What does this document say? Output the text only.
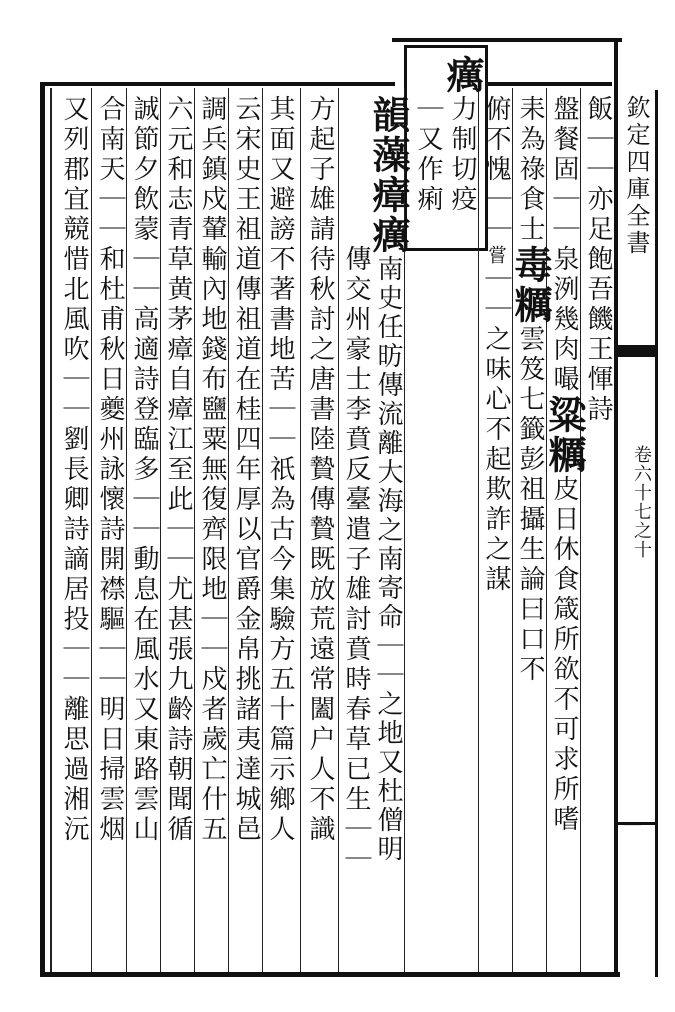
欽定四庫全書
卷六十七之十
一
飯｜｜亦足飽吾饑王惲詩
盤餐固｜｜泉洌幾肉嘬粱糲皮日休食箴所欲不可求所嗜
耒為祿食士毒糲雲笈七籤彭祖攝生論曰口不
俯不愧｜｜嘗｜｜之味心不起欺詐之謀
癘力制切疫
｜又作痢
韻藻瘴癘南史任昉傳流離大海之南寄命｜｜之地又杜僧明
傳交州豪士李賁反臺遣子雄討賁時春草已生｜｜
方起子雄請待秋討之唐書陸贄傳贄既放荒遠常闔户人不識
其面又避謗不著書地苦｜｜祇為古今集驗方五十篇示鄉人
云宋史王祖道傳祖道在桂四年厚以官爵金帛挑諸夷達城邑
調兵鎮戍輦輸內地錢布鹽粟無復齊限地｜｜戍者歲亡什五
六元和志青草黄茅瘴自瘴江至此｜｜尤甚張九齡詩朝聞循
誠節夕飲蒙｜｜高適詩登臨多｜｜動息在風水又東路雲山
合南天｜｜和杜甫秋日夔州詠懷詩開襟驅｜｜明日掃雲烟
又列郡宜競惜北風吹｜｜劉長卿詩謫居投｜｜離思過湘沅
